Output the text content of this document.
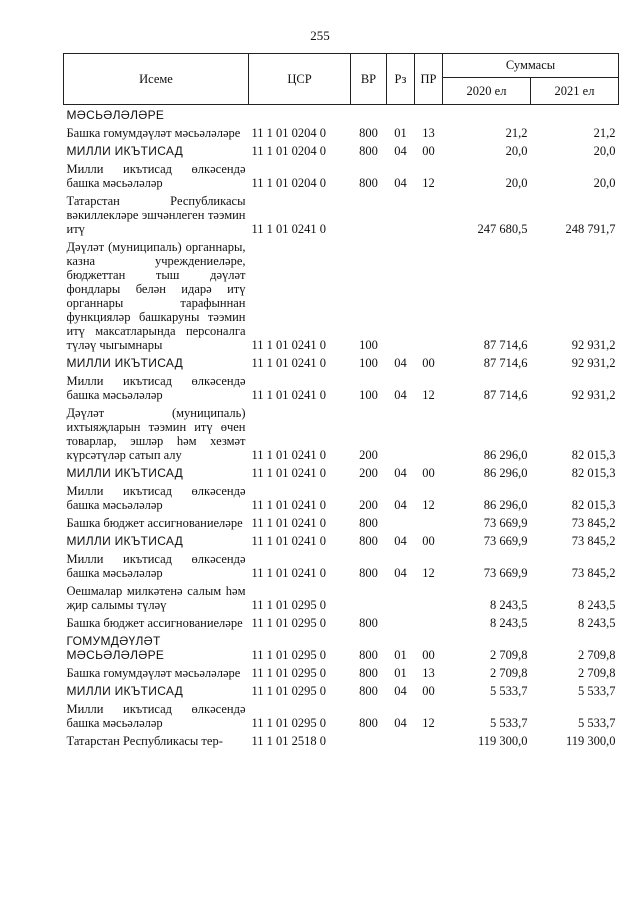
255
Исеме	ЦСР	ВР	Рз	ПР	Суммасы	
					2020 ел	2021 ел
МӘСЬӘЛӘЛӘРЕ						
Башка гомумдәүләт мәсьәләләре	11 1 01 0204 0	800	01	13	21,2	21,2
МИЛЛИ ИКЪТИСАД	11 1 01 0204 0	800	04	00	20,0	20,0
Милли икътисад өлкәсендә башка мәсьәләләр	11 1 01 0204 0	800	04	12	20,0	20,0
Татарстан Республикасы вәкиллекләре эшчәнлеген тәэмин итү	11 1 01 0241 0				247 680,5	248 791,7
Дәүләт (муниципаль) органнары, казна учреждениеләре, бюджеттан тыш дәүләт фондлары белән идарә итү органнары тарафыннан функцияләр башкаруны тәэмин итү максатларында персоналга түләү чыгымнары	11 1 01 0241 0	100			87 714,6	92 931,2
МИЛЛИ ИКЪТИСАД	11 1 01 0241 0	100	04	00	87 714,6	92 931,2
Милли икътисад өлкәсендә башка мәсьәләләр	11 1 01 0241 0	100	04	12	87 714,6	92 931,2
Дәүләт (муниципаль) ихтыяҗларын тәэмин итү өчен товарлар, эшләр һәм хезмәт күрсәтүләр сатып алу	11 1 01 0241 0	200			86 296,0	82 015,3
МИЛЛИ ИКЪТИСАД	11 1 01 0241 0	200	04	00	86 296,0	82 015,3
Милли икътисад өлкәсендә башка мәсьәләләр	11 1 01 0241 0	200	04	12	86 296,0	82 015,3
Башка бюджет ассигнованиеләре	11 1 01 0241 0	800			73 669,9	73 845,2
МИЛЛИ ИКЪТИСАД	11 1 01 0241 0	800	04	00	73 669,9	73 845,2
Милли икътисад өлкәсендә башка мәсьәләләр	11 1 01 0241 0	800	04	12	73 669,9	73 845,2
Оешмалар милкәтенә салым һәм җир салымы түләү	11 1 01 0295 0				8 243,5	8 243,5
Башка бюджет ассигнованиеләре	11 1 01 0295 0	800			8 243,5	8 243,5
ГОМУМДӘҮЛӘТ МӘСЬӘЛӘЛӘРЕ	11 1 01 0295 0	800	01	00	2 709,8	2 709,8
Башка гомумдәүләт мәсьәләләре	11 1 01 0295 0	800	01	13	2 709,8	2 709,8
МИЛЛИ ИКЪТИСАД	11 1 01 0295 0	800	04	00	5 533,7	5 533,7
Милли икътисад өлкәсендә башка мәсьәләләр	11 1 01 0295 0	800	04	12	5 533,7	5 533,7
Татарстан Республикасы тер-	11 1 01 2518 0				119 300,0	119 300,0
